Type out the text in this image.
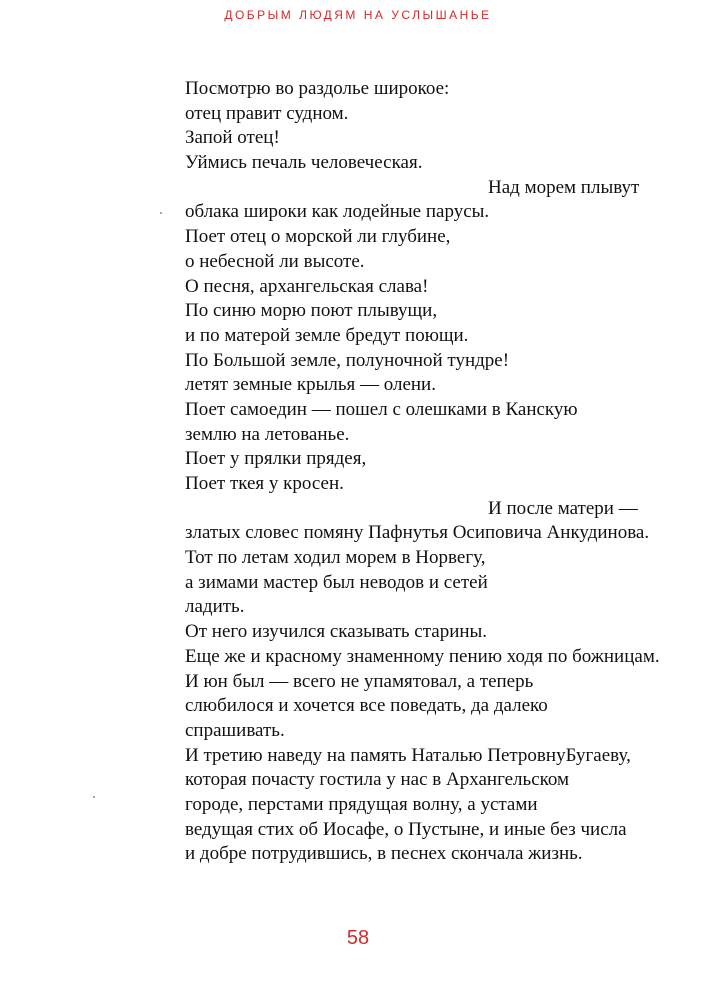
ДОБРЫМ ЛЮДЯМ НА УСЛЫШАНЬЕ
Посмотрю во раздолье широкое:
отец правит судном.
Запой отец!
Уймись печаль человеческая.
Над морем плывут
облака широки как лодейные парусы.
Поет отец о морской ли глубине,
о небесной ли высоте.
О песня, архангельская слава!
По синю морю поют плывущи,
и по матерой земле бредут поющи.
По Большой земле, полуночной тундре!
летят земные крылья — олени.
Поет самоедин — пошел с олешками в Канскую
землю на летованье.
Поет у прялки прядея,
Поет ткея у кросен.
И после матери —
златых словес помяну Пафнутья Осиповича Анкудинова.
Тот по летам ходил морем в Норвегу,
а зимами мастер был неводов и сетей
ладить.
От него изучился сказывать старины.
Еще же и красному знаменному пению ходя по божницам.
И юн был — всего не упамятовал, а теперь
слюбилося и хочется все поведать, да далеко
спрашивать.
И третию наведу на память Наталью ПетровнуБугаеву,
которая почасту гостила у нас в Архангельском
городе, перстами прядущая волну, а устами
ведущая стих об Иосафе, о Пустыне, и иные без числа
и добре потрудившись, в песнех скончала жизнь.
58
